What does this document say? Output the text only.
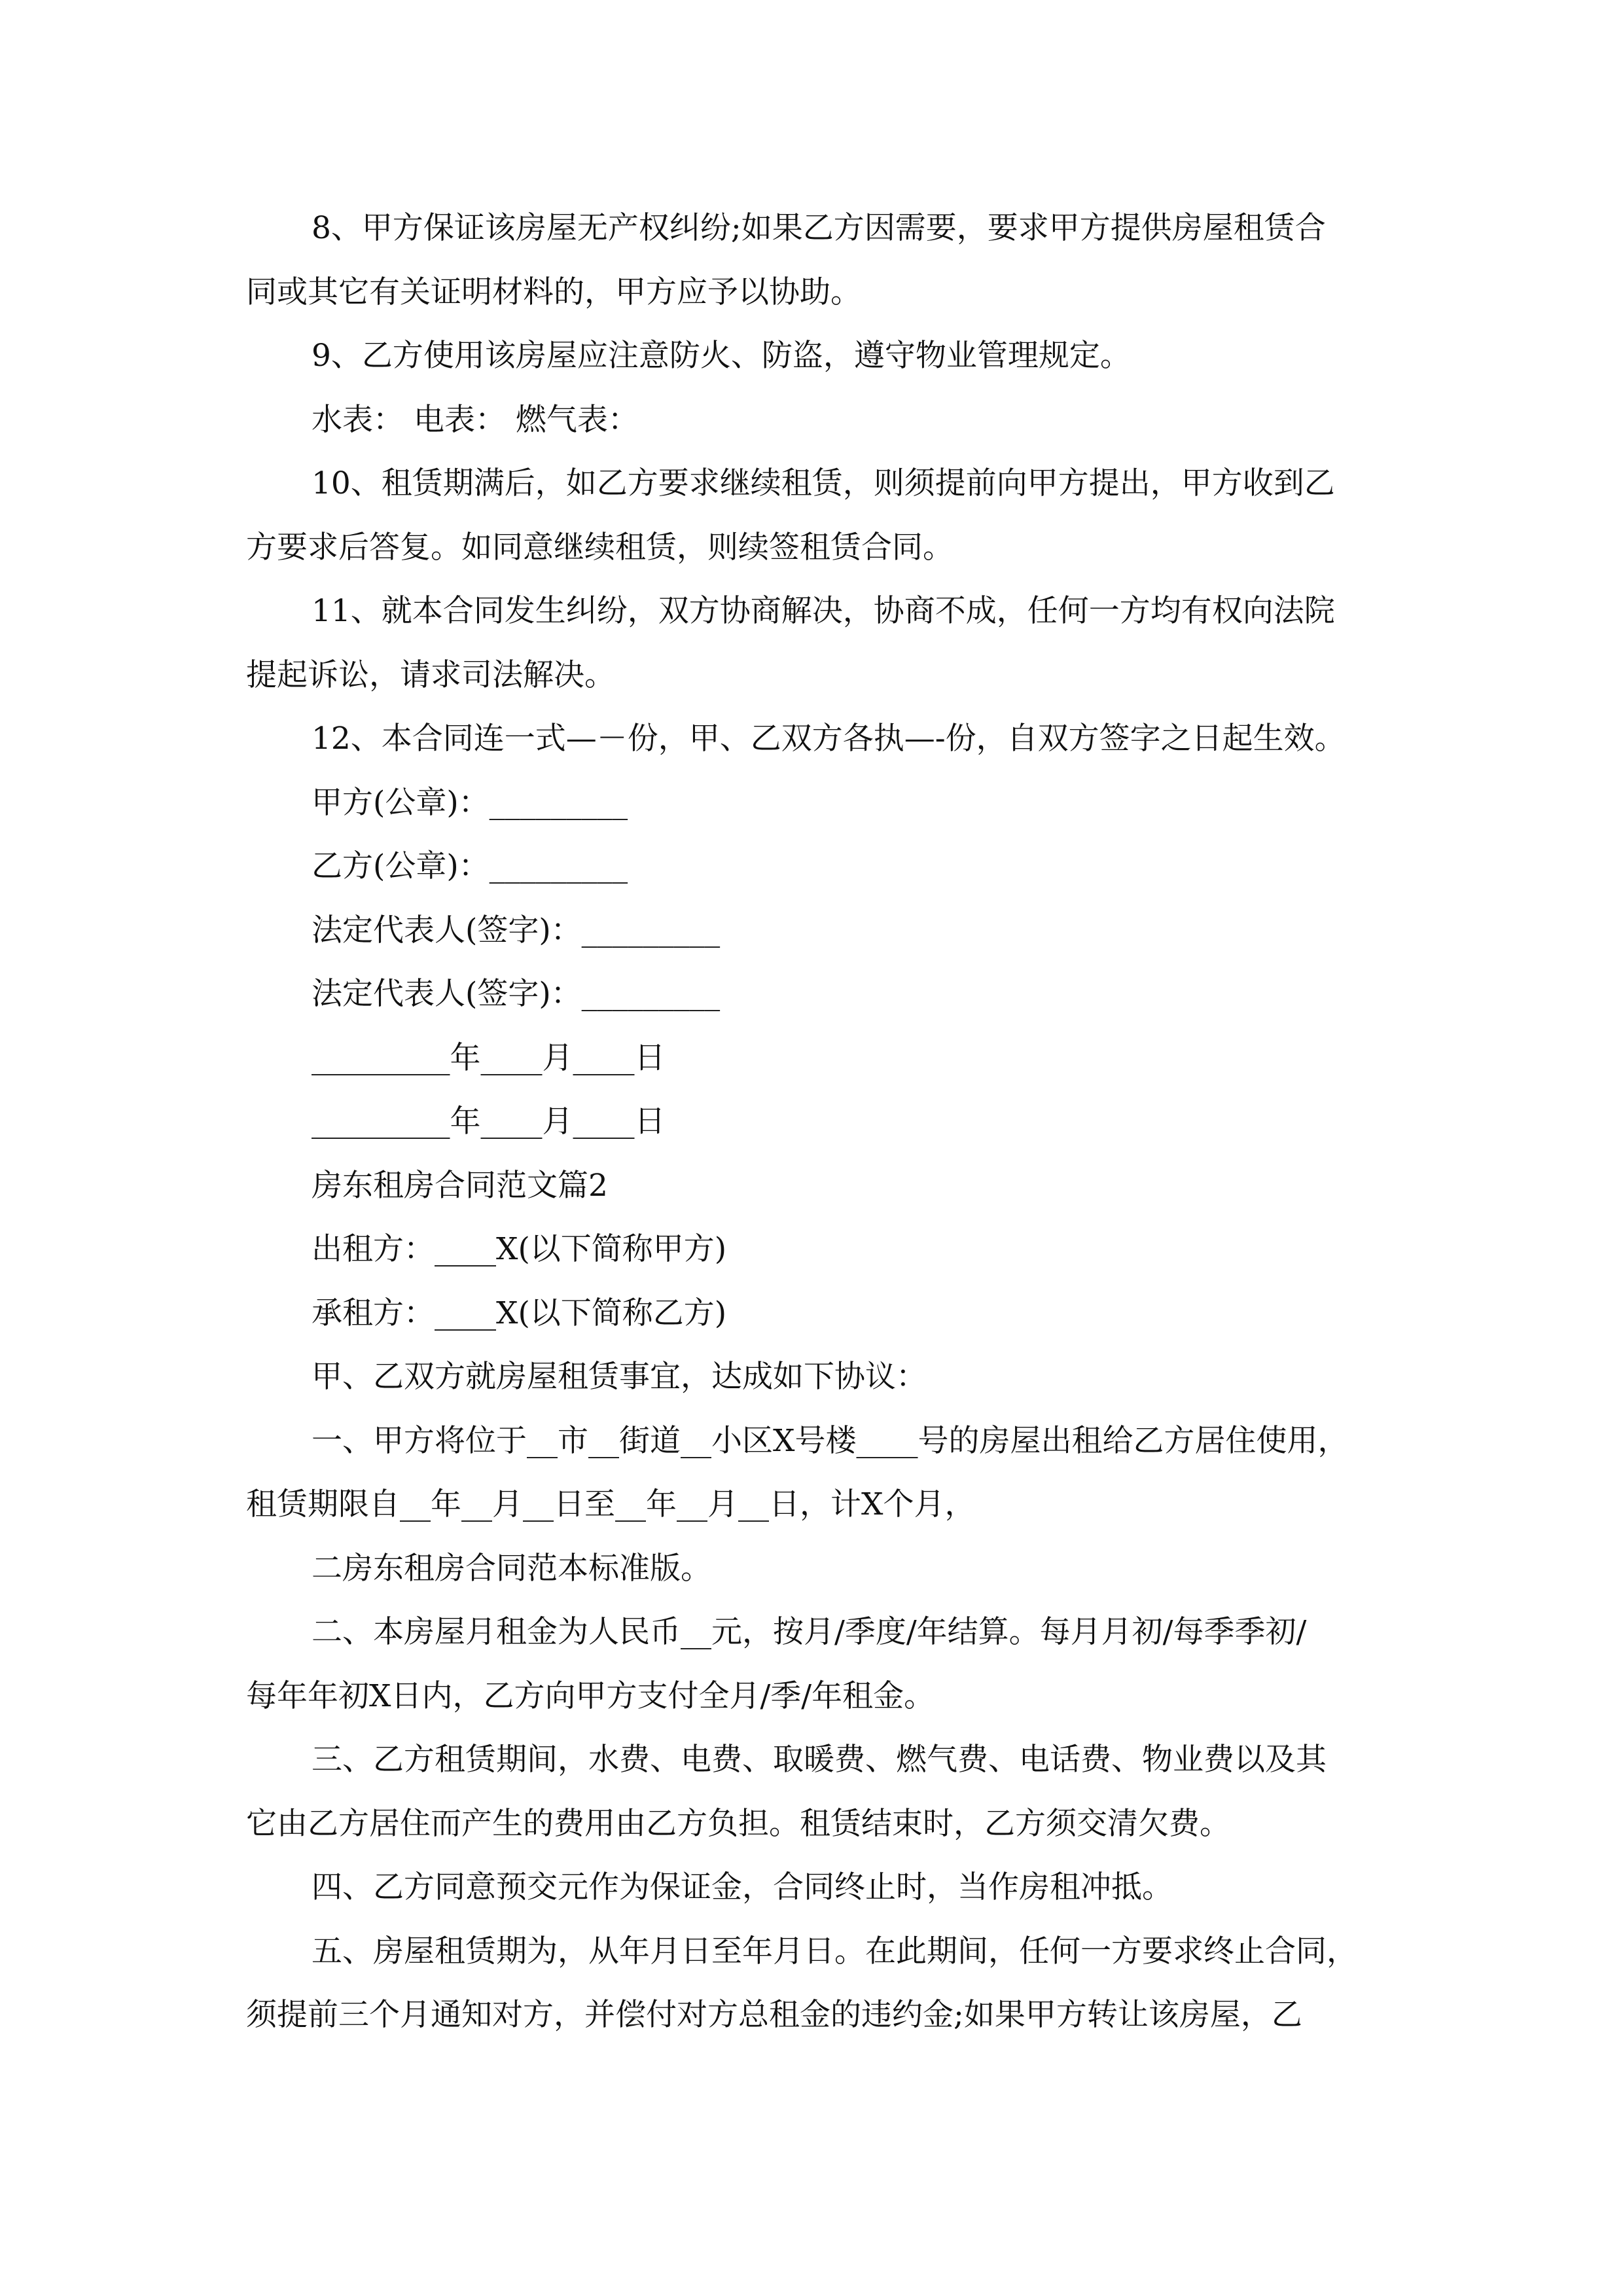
8、甲方保证该房屋无产权纠纷;如果乙方因需要，要求甲方提供房屋租赁合

同或其它有关证明材料的，甲方应予以协助。

9、乙方使用该房屋应注意防火、防盗，遵守物业管理规定。

水表： 电表： 燃气表：

10、租赁期满后，如乙方要求继续租赁，则须提前向甲方提出，甲方收到乙

方要求后答复。如同意继续租赁，则续签租赁合同。

11、就本合同发生纠纷，双方协商解决，协商不成，任何一方均有权向法院

提起诉讼，请求司法解决。

12、本合同连一式—－份，甲、乙双方各执—-份，自双方签字之日起生效。

甲方(公章)：_________

乙方(公章)：_________

法定代表人(签字)：_________

法定代表人(签字)：_________

_________年____月____日

_________年____月____日

房东租房合同范文篇2

出租方：____X(以下简称甲方)

承租方：____X(以下简称乙方)

甲、乙双方就房屋租赁事宜，达成如下协议：

一、甲方将位于__市__街道__小区X号楼____号的房屋出租给乙方居住使用，

租赁期限自__年__月__日至__年__月__日，计X个月，

二房东租房合同范本标准版。

二、本房屋月租金为人民币__元，按月/季度/年结算。每月月初/每季季初/

每年年初X日内，乙方向甲方支付全月/季/年租金。

三、乙方租赁期间，水费、电费、取暖费、燃气费、电话费、物业费以及其

它由乙方居住而产生的费用由乙方负担。租赁结束时，乙方须交清欠费。

四、乙方同意预交元作为保证金，合同终止时，当作房租冲抵。

五、房屋租赁期为，从年月日至年月日。在此期间，任何一方要求终止合同，

须提前三个月通知对方，并偿付对方总租金的违约金;如果甲方转让该房屋，乙
